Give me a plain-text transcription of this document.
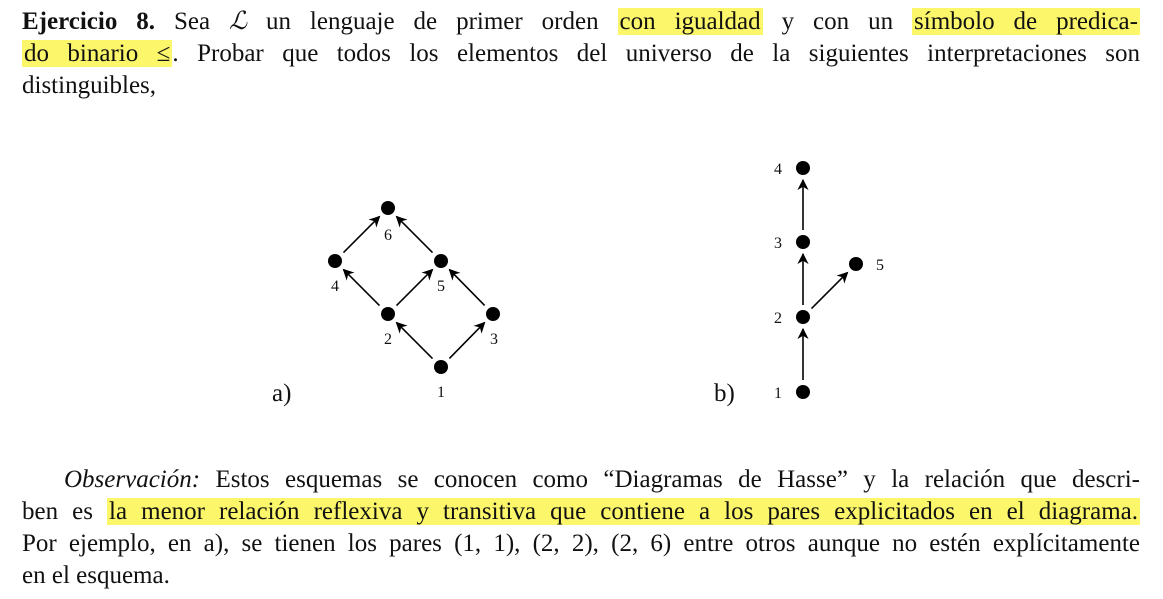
Ejercicio 8. Sea ℒ un lenguaje de primer orden con igualdad y con un símbolo de predica-
do binario ≤. Probar que todos los elementos del universo de la siguientes interpretaciones son
distinguibles,
a)	1
2	3
4	5
6
b) 1
2
3
4
5
Observación: Estos esquemas se conocen como “Diagramas de Hasse” y la relación que descri-
ben es la menor relación reflexiva y transitiva que contiene a los pares explicitados en el diagrama.
Por ejemplo, en a), se tienen los pares (1, 1), (2, 2), (2, 6) entre otros aunque no estén explícitamente
en el esquema.
